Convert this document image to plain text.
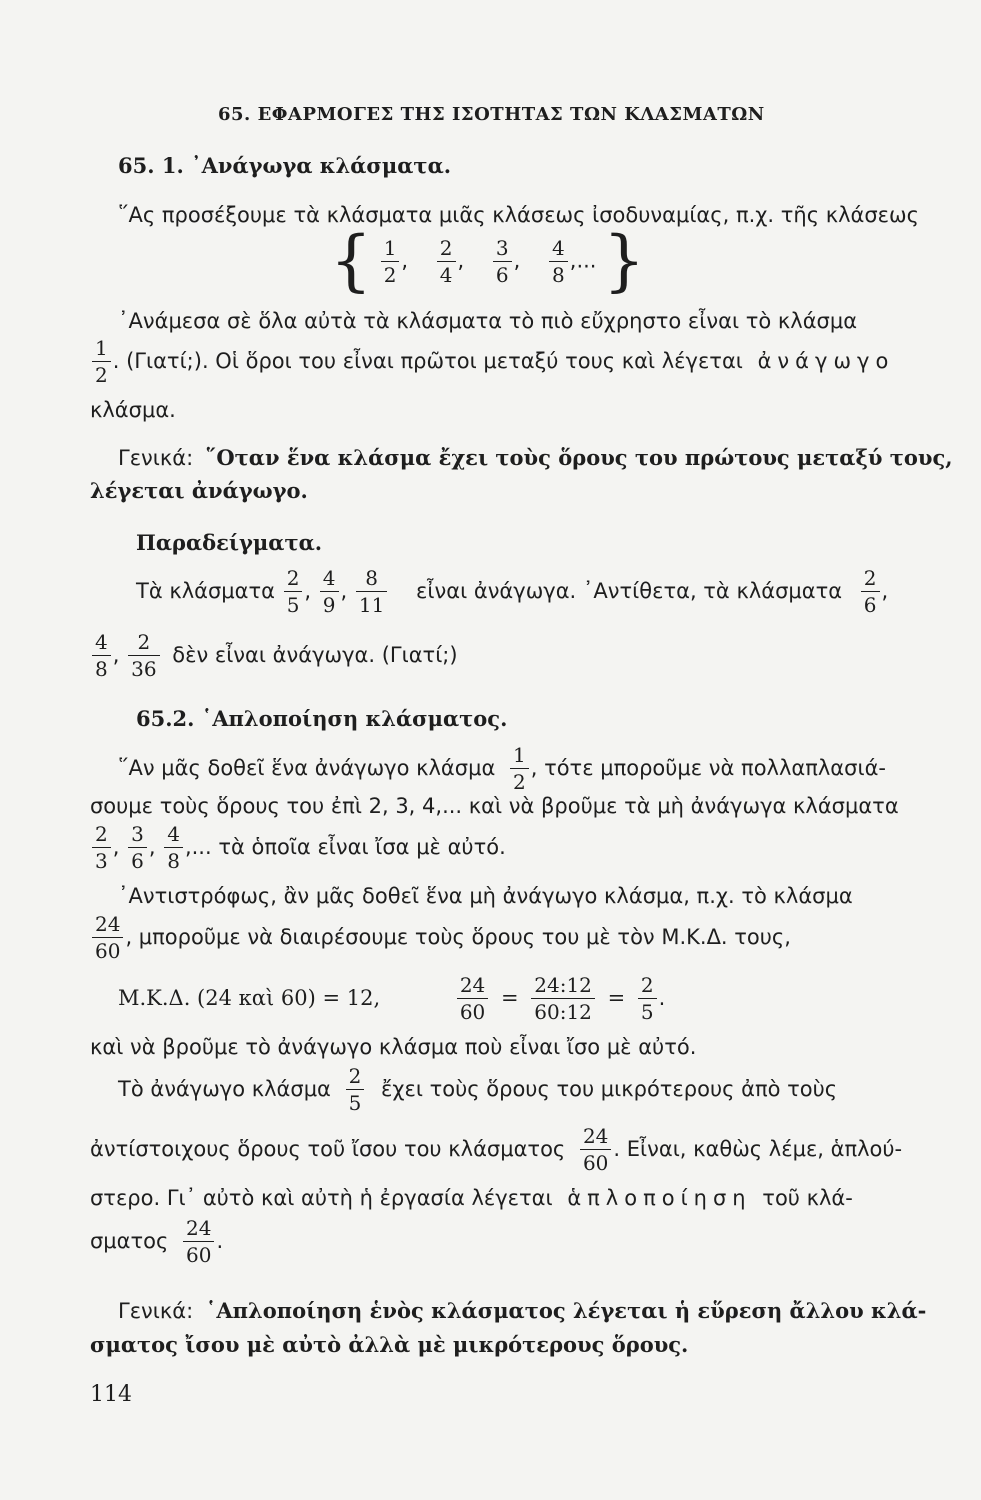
65. ΕΦΑΡΜΟΓΕΣ ΤΗΣ ΙΣΟΤΗΤΑΣ ΤΩΝ ΚΛΑΣΜΑΤΩΝ
65. 1. ᾿Ανάγωγα κλάσματα.
῞Ας προσέξουμε τὰ κλάσματα μιᾶς κλάσεως ἰσοδυναμίας, π.χ. τῆς κλάσεως
{ $\frac{1}{2}$ , $\frac{2}{4}$ , $\frac{3}{6}$ , $\frac{4}{8}$ ,... }
᾿Ανάμεσα σὲ ὅλα αὐτὰ τὰ κλάσματα τὸ πιὸ εὔχρηστο εἶναι τὸ κλάσμα
$\frac{1}{2}$ . (Γιατί;). Οἱ ὅροι του εἶναι πρῶτοι μεταξύ τους καὶ λέγεται ἀνάγωγο
κλάσμα.
Γενικά: ῞Οταν ἕνα κλάσμα ἔχει τοὺς ὅρους του πρώτους μεταξύ τους,
λέγεται ἀνάγωγο.
Παραδείγματα.
Τὰ κλάσματα $\frac{2}{5}$ , $\frac{4}{9}$ , $\frac{8}{11}$ εἶναι ἀνάγωγα. ᾿Αντίθετα, τὰ κλάσματα $\frac{2}{6}$ ,
$\frac{4}{8}$ , $\frac{2}{36}$ δὲν εἶναι ἀνάγωγα. (Γιατί;)
65.2. ῾Απλοποίηση κλάσματος.
῞Αν μᾶς δοθεῖ ἕνα ἀνάγωγο κλάσμα $\frac{1}{2}$ , τότε μποροῦμε νὰ πολλαπλασιά-
σουμε τοὺς ὅρους του ἐπὶ 2, 3, 4,... καὶ νὰ βροῦμε τὰ μὴ ἀνάγωγα κλάσματα
$\frac{2}{3}$ , $\frac{3}{6}$ , $\frac{4}{8}$ ,... τὰ ὁποῖα εἶναι ἴσα μὲ αὐτό.
᾿Αντιστρόφως, ἂν μᾶς δοθεῖ ἕνα μὴ ἀνάγωγο κλάσμα, π.χ. τὸ κλάσμα
$\frac{24}{60}$ , μποροῦμε νὰ διαιρέσουμε τοὺς ὅρους του μὲ τὸν Μ.Κ.Δ. τους,
Μ.Κ.Δ. (24 καὶ 60) = 12,	$\frac{24}{60} = \frac{24:12}{60:12} = \frac{2}{5}$ .
καὶ νὰ βροῦμε τὸ ἀνάγωγο κλάσμα ποὺ εἶναι ἴσο μὲ αὐτό.
Τὸ ἀνάγωγο κλάσμα $\frac{2}{5}$ ἔχει τοὺς ὅρους του μικρότερους ἀπὸ τοὺς
ἀντίστοιχους ὅρους τοῦ ἴσου του κλάσματος $\frac{24}{60}$ . Εἶναι, καθὼς λέμε, ἁπλού-
στερο. Γι᾿ αὐτὸ καὶ αὐτὴ ἡ ἐργασία λέγεται ἁπλοποίηση τοῦ κλά-
σματος $\frac{24}{60}$ .
Γενικά: ῾Απλοποίηση ἑνὸς κλάσματος λέγεται ἡ εὕρεση ἄλλου κλά-
σματος ἴσου μὲ αὐτὸ ἀλλὰ μὲ μικρότερους ὅρους.
114
